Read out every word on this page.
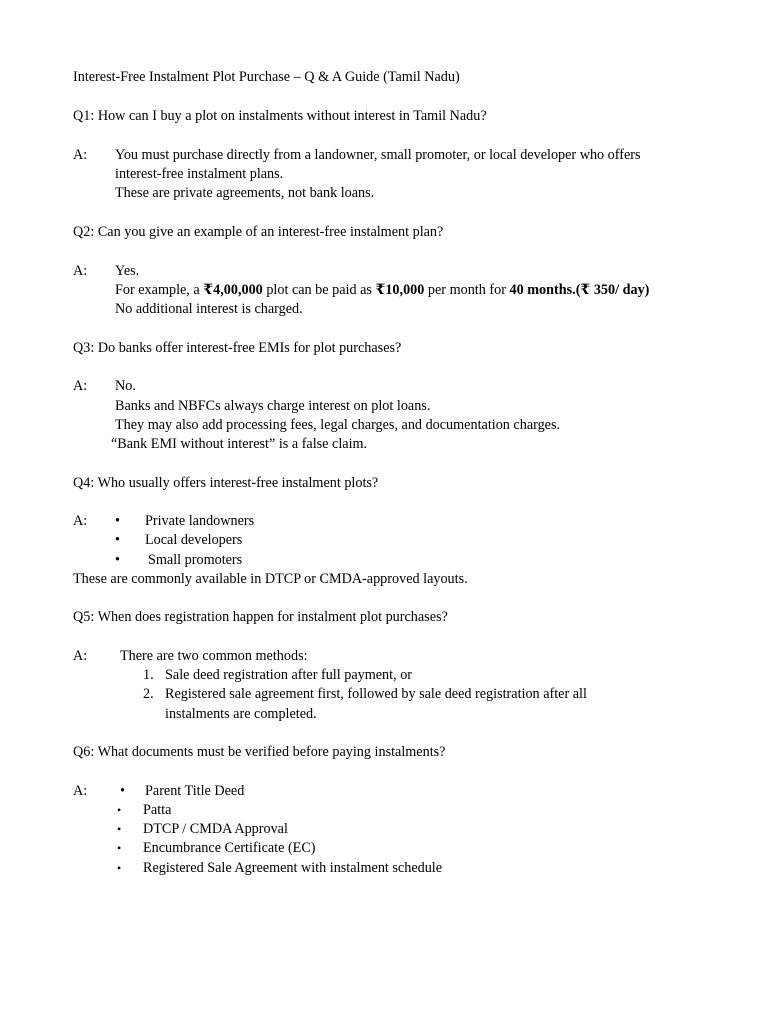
Interest-Free Instalment Plot Purchase – Q & A Guide (Tamil Nadu)
Q1: How can I buy a plot on instalments without interest in Tamil Nadu?
A: You must purchase directly from a landowner, small promoter, or local developer who offers
interest-free instalment plans.
These are private agreements, not bank loans.
Q2: Can you give an example of an interest-free instalment plan?
A: Yes.
For example, a ₹4,00,000 plot can be paid as ₹10,000 per month for 40 months.(₹ 350/ day)
No additional interest is charged.
Q3: Do banks offer interest-free EMIs for plot purchases?
A: No.
Banks and NBFCs always charge interest on plot loans.
They may also add processing fees, legal charges, and documentation charges.
“Bank EMI without interest” is a false claim.
Q4: Who usually offers interest-free instalment plots?
A: • Private landowners
• Local developers
• Small promoters
These are commonly available in DTCP or CMDA-approved layouts.
Q5: When does registration happen for instalment plot purchases?
A: There are two common methods:
1. Sale deed registration after full payment, or
2. Registered sale agreement first, followed by sale deed registration after all
instalments are completed.
Q6: What documents must be verified before paying instalments?
A: • Parent Title Deed
• Patta
• DTCP / CMDA Approval
• Encumbrance Certificate (EC)
• Registered Sale Agreement with instalment schedule
